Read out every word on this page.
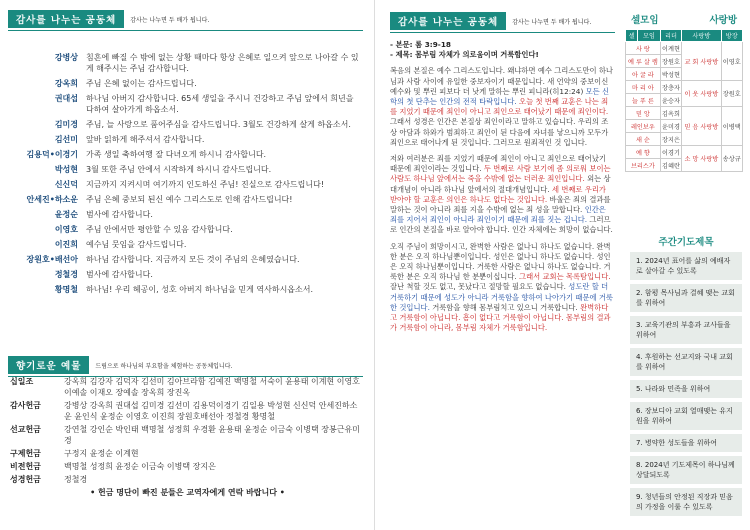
감사를 나누는 공동체	감사는 나누면 두 배가 됩니다.
강병상	침흔에 빠질 수 밖에 없는 상황 때마다 항상 은혜로 일으켜 앞으로 나아갈 수 있게 해주시는 주님 감사합니다.
강옥희	주님 은혜 없이는 감사드립니다.
권대섭	하나님 아버지 감사합니다. 65세 생일을 주시니 건강하고 주님 앞에서 희년을 다하여 살아가게 하옵소서.
김미경	주님, 늘 사랑으로 품어주심을 감사드립니다. 3월도 건강하게 살게 하옵소서.
김선미	앞바 읽하게 해주셔서 감사합니다.
김용덕•이경기	가족 생일 축하여행 잘 다녀오게 하시니 감사합니다.
박성현	3월 또한 주님 안에서 시작하게 하시니 감사드립니다.
신신덕	지금까지 지켜시며 여기까지 인도하신 주님! 진실으로 감사드립니다!
안세진•하소운	주님 은혜 중보되 된신 예수 그리스도로 인해 감사드립니다!
윤정순	범사에 감사합니다.
이영호	주님 안에서만 평안할 수 있음 감사합니다.
이진희	예수님 뭇임을 감사드립니다.
장원호•배선아	하나님 감사합니다. 지금까지 모든 것이 주님의 은혜였습니다.
정철경	범사에 감사합니다.
황명철	하나님! 우리 헤공이, 성호 아버지 하나님을 믿게 역사하시옵소서.
향기로운 예물	드림으로 하나님의 부요함을 체험하는 공동체입니다.
십일조	강옥희 김강자 김덕자 김선미 김아브라함 김예진 백명철 서숙이 윤용태 이계현 이영호 이예솔 이재오 장예솔 장옥희 장진옥
감사헌금	강병상 강옥희 권대섭 김미경 김선미 김용덕이경기 김일용 박성현 신신덕 안세진하소운 윤인식 윤정순 이영호 이진희 장원호배선아 정철경 황명철
선교헌금	강연철 강인순 박인태 백명철 성정희 우경환 윤용태 윤정순 이금숙 이병택 장봉근유미경
구제헌금	구정지 윤정순 이계현
비전헌금	백명철 성정희 윤정순 이금숙 이병택 장지은
성경헌금	정철경
• 헌금 명단이 빠진 분들은 교역자에게 연락 바랍니다 •
감사를 나누는 공동체	감사는 나누면 두 배가 됩니다.
- 본문: 롬 3:9-18
- 제목: 몸부림 자체가 의로움이며 거룩함인다!
복음의 본질은 예수 그리스도입니다. 왜냐하면 예수 그리스도만이 하나님과 사람 사이에 유일한 중보자이기 때문입니다. 새 언약의 중보이신 예수와 및 뿌린 피보다 더 낫게 말하는 뿌린 피니라(히12:24) 모든 신학의 첫 단추는 인간의 전적 타락입니다. 오늘 첫 번째 교훈은 나는 죄를 지었기 때문에 죄인이 아니고 죄인으로 태어났기 때문에 죄인이다. 그래서 성경은 인간은 본질상 죄인이라고 말하고 있습니다. 우리의 조상 아담과 하와가 범죄하고 죄인이 된 다음에 자녀를 낳으니까 모두가 죄인으로 태어나게 된 것입니다. 그러므로 원죄적인 것 입니다.
저와 여러분은 죄를 지었기 때문에 죄인이 아니고 죄인으로 태어났기 때문에 죄인이라는 것입니다. 두 번째로 사람 보기에 좀 의로워 보이는 사람도 하나님 앞에서는 죽을 수밖에 없는 더러운 죄인입니다. 외는 상대개념이 아니라 하나님 앞에서의 절대개념입니다. 세 번째로 우리가 받아야 할 교훈은 의인은 하나도 없다는 것입니다. 바울은 죄의 결과를 말하는 것이 아니라 죄를 지을 수밖에 없는 죄 성을 말합니다. 인간은 죄를 지어서 죄인이 아니라 죄인이기 때문에 죄를 짓는 겁니다. 그러므로 인간의 본질을 바로 알아야 합니다. 인간 자체에는 희망이 없습니다.
오직 주님이 희망이시고, 완벽한 사람은 없나니 하나도 없습니다. 완벽한 분은 오직 하나님뿐이입니다. 성인은 없나니 하나도 없습니다. 성인은 오직 하나님뿐이입니다. 거룩한 사람은 없나니 하나도 없습니다. 거룩한 분은 오직 하나님 한 분뿐이십니다. 그래서 교회는 목록탐입니다. 잘난 척할 것도 없고, 못났다고 절망할 필요도 없습니다. 성도란 할 더 거룩하기 때문에 성도가 아니라 거룩함을 향하여 나아가기 때문에 거룩한 것입니다. 거룩함을 향해 몸부림치고 있으니 거룩합니다. 완벽하다고 거룩함이 아닙니다. 흠이 없다고 거룩함이 아닙니다. 몸부림의 결과가 거룩함이 아니라, 몸부림 자체가 거룩함입니다.
셀모임	사랑방
셀	모임	리더	사랑방	방장
사 랑		이계현	교 회 사랑방	이영호
예 루 살 렘		장원호		
아 굴 라		박성현		
마 리 아		장층자	이 웃 사랑방	장원호
늘 푸 른		윤승자		
믿 앙		김옥희	믿 음 사랑방	이병택
레인보우		윤미경		
새 순		장지은		
예 향		이경기	소 망 사랑방	송상규
브리스가		김혜란		
주간기도제목
1. 2024년 표어를 삶의 예배자로 살아갈 수 있도록
2. 함평 목사님과 결혜 맺는 교회를 위하여
3. 교육기관의 부흥과 교사들을 위하여
4. 후원하는 선교지와 국내 교회를 위하여
5. 나라와 민족을 위하여
6. 장보디아 교회 열매맺는 유지원을 위하여
7. 병약한 성도들을 위하여
8. 2024년 기도제목이 하나님께 상달되도록
9. 청년들의 안정된 직장과 믿음의 가정을 이룰 수 있도록
